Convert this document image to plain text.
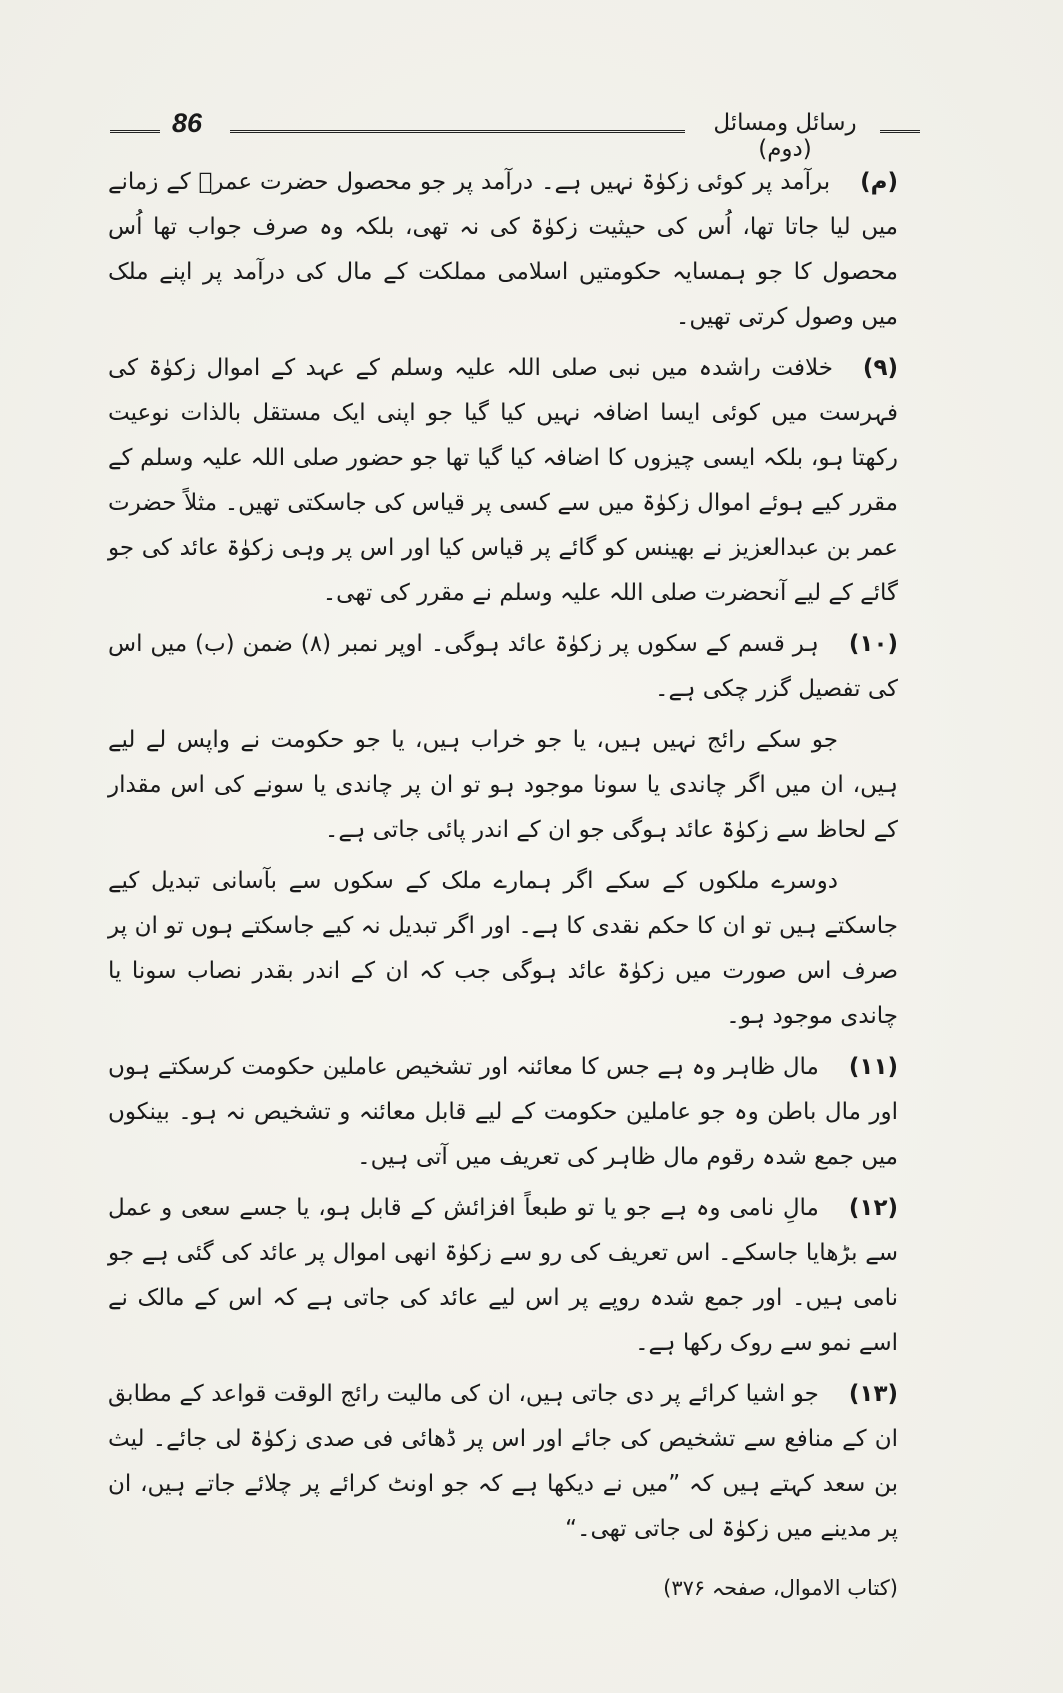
86	رسائل ومسائل (دوم)

(م)برآمد پر کوئی زکوٰۃ نہیں ہے۔ درآمد پر جو محصول حضرت عمرؓ کے زمانے میں لیا جاتا تھا، اُس کی حیثیت زکوٰۃ کی نہ تھی، بلکہ وہ صرف جواب تھا اُس محصول کا جو ہمسایہ حکومتیں اسلامی مملکت کے مال کی درآمد پر اپنے ملک میں وصول کرتی تھیں۔

(۹)خلافت راشدہ میں نبی صلی اللہ علیہ وسلم کے عہد کے اموال زکوٰۃ کی فہرست میں کوئی ایسا اضافہ نہیں کیا گیا جو اپنی ایک مستقل بالذات نوعیت رکھتا ہو، بلکہ ایسی چیزوں کا اضافہ کیا گیا تھا جو حضور صلی اللہ علیہ وسلم کے مقرر کیے ہوئے اموال زکوٰۃ میں سے کسی پر قیاس کی جاسکتی تھیں۔ مثلاً حضرت عمر بن عبدالعزیز نے بھینس کو گائے پر قیاس کیا اور اس پر وہی زکوٰۃ عائد کی جو گائے کے لیے آنحضرت صلی اللہ علیہ وسلم نے مقرر کی تھی۔

(۱۰)ہر قسم کے سکوں پر زکوٰۃ عائد ہوگی۔ اوپر نمبر (۸) ضمن (ب) میں اس کی تفصیل گزر چکی ہے۔

جو سکے رائج نہیں ہیں، یا جو خراب ہیں، یا جو حکومت نے واپس لے لیے ہیں، ان میں اگر چاندی یا سونا موجود ہو تو ان پر چاندی یا سونے کی اس مقدار کے لحاظ سے زکوٰۃ عائد ہوگی جو ان کے اندر پائی جاتی ہے۔

دوسرے ملکوں کے سکے اگر ہمارے ملک کے سکوں سے بآسانی تبدیل کیے جاسکتے ہیں تو ان کا حکم نقدی کا ہے۔ اور اگر تبدیل نہ کیے جاسکتے ہوں تو ان پر صرف اس صورت میں زکوٰۃ عائد ہوگی جب کہ ان کے اندر بقدر نصاب سونا یا چاندی موجود ہو۔

(۱۱)مال ظاہر وہ ہے جس کا معائنہ اور تشخیص عاملین حکومت کرسکتے ہوں اور مال باطن وہ جو عاملین حکومت کے لیے قابل معائنہ و تشخیص نہ ہو۔ بینکوں میں جمع شدہ رقوم مال ظاہر کی تعریف میں آتی ہیں۔

(۱۲)مالِ نامی وہ ہے جو یا تو طبعاً افزائش کے قابل ہو، یا جسے سعی و عمل سے بڑھایا جاسکے۔ اس تعریف کی رو سے زکوٰۃ انھی اموال پر عائد کی گئی ہے جو نامی ہیں۔ اور جمع شدہ روپے پر اس لیے عائد کی جاتی ہے کہ اس کے مالک نے اسے نمو سے روک رکھا ہے۔

(۱۳)جو اشیا کرائے پر دی جاتی ہیں، ان کی مالیت رائج الوقت قواعد کے مطابق ان کے منافع سے تشخیص کی جائے اور اس پر ڈھائی فی صدی زکوٰۃ لی جائے۔ لیث بن سعد کہتے ہیں کہ ”میں نے دیکھا ہے کہ جو اونٹ کرائے پر چلائے جاتے ہیں، ان پر مدینے میں زکوٰۃ لی جاتی تھی۔“

(کتاب الاموال، صفحہ ۳۷۶)
